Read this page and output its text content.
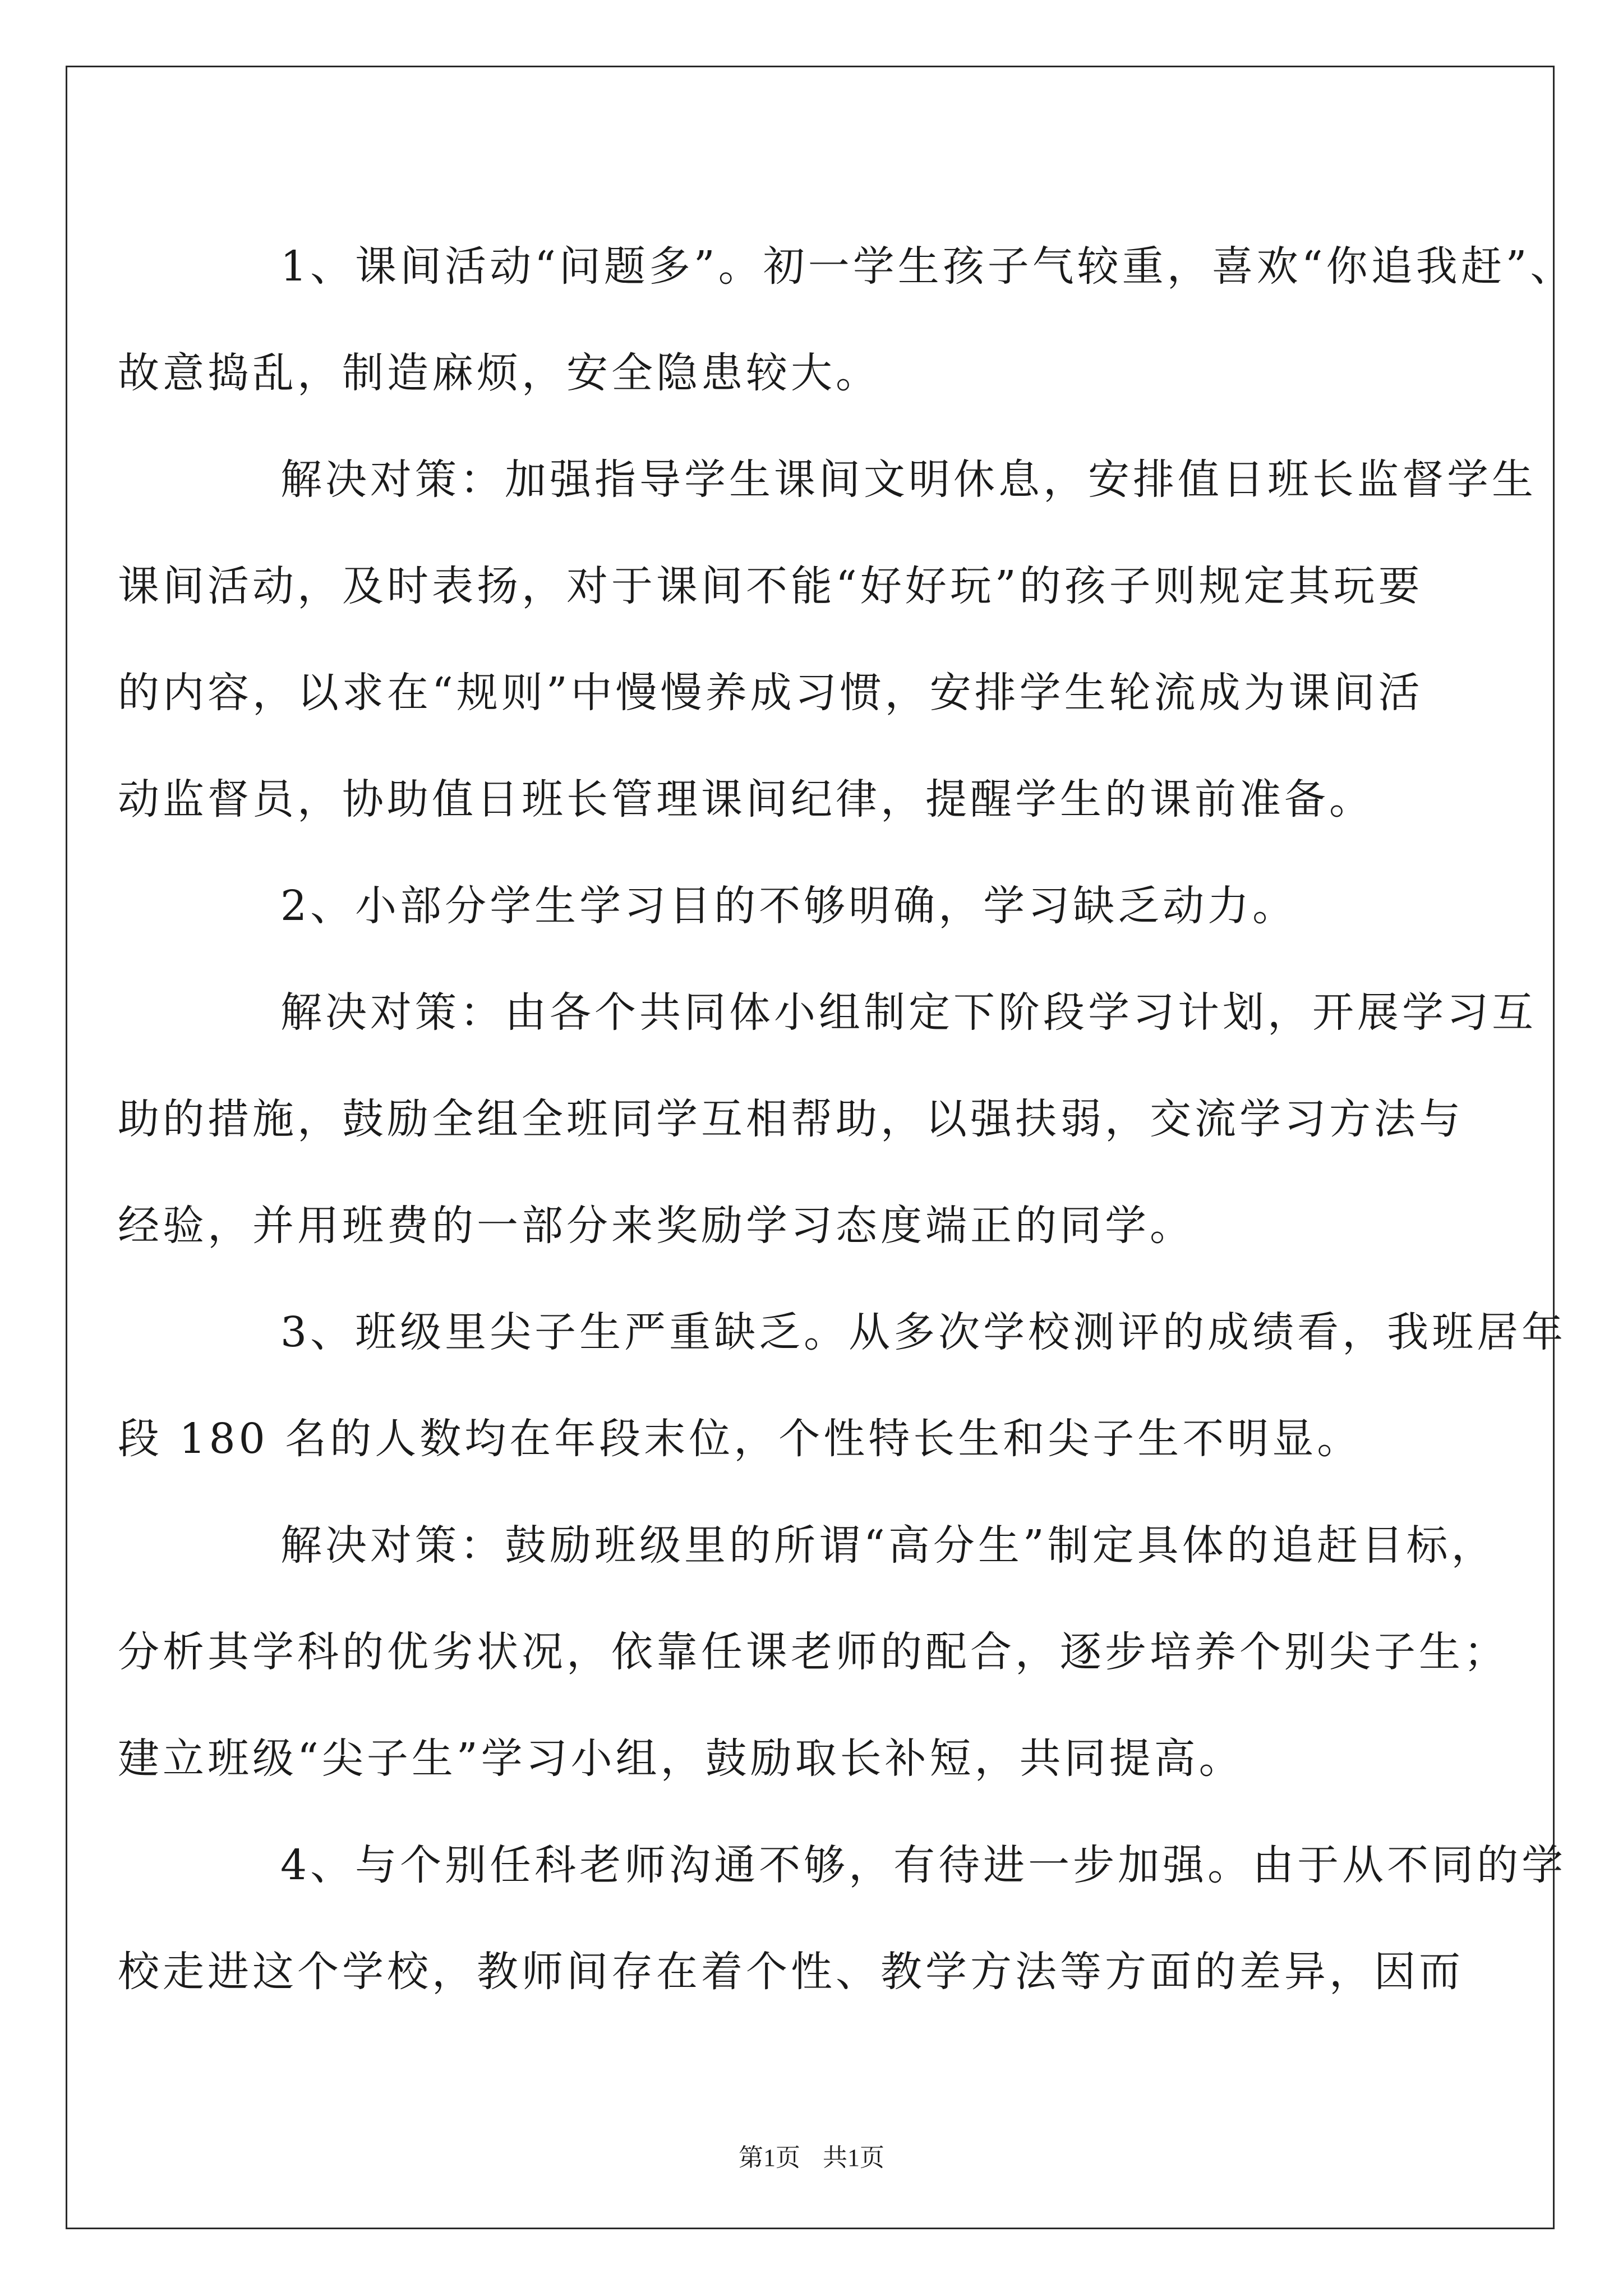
1、课间活动“问题多”。初一学生孩子气较重，喜欢“你追我赶”、
故意捣乱，制造麻烦，安全隐患较大。

解决对策：加强指导学生课间文明休息，安排值日班长监督学生
课间活动，及时表扬，对于课间不能“好好玩”的孩子则规定其玩要
的内容，以求在“规则”中慢慢养成习惯，安排学生轮流成为课间活
动监督员，协助值日班长管理课间纪律，提醒学生的课前准备。

2、小部分学生学习目的不够明确，学习缺乏动力。

解决对策：由各个共同体小组制定下阶段学习计划，开展学习互
助的措施，鼓励全组全班同学互相帮助，以强扶弱，交流学习方法与
经验，并用班费的一部分来奖励学习态度端正的同学。

3、班级里尖子生严重缺乏。从多次学校测评的成绩看，我班居年
段 180 名的人数均在年段末位，个性特长生和尖子生不明显。

解决对策：鼓励班级里的所谓“高分生”制定具体的追赶目标，
分析其学科的优劣状况，依靠任课老师的配合，逐步培养个别尖子生；
建立班级“尖子生”学习小组，鼓励取长补短，共同提高。

4、与个别任科老师沟通不够，有待进一步加强。由于从不同的学
校走进这个学校，教师间存在着个性、教学方法等方面的差异，因而

第1页 共1页
